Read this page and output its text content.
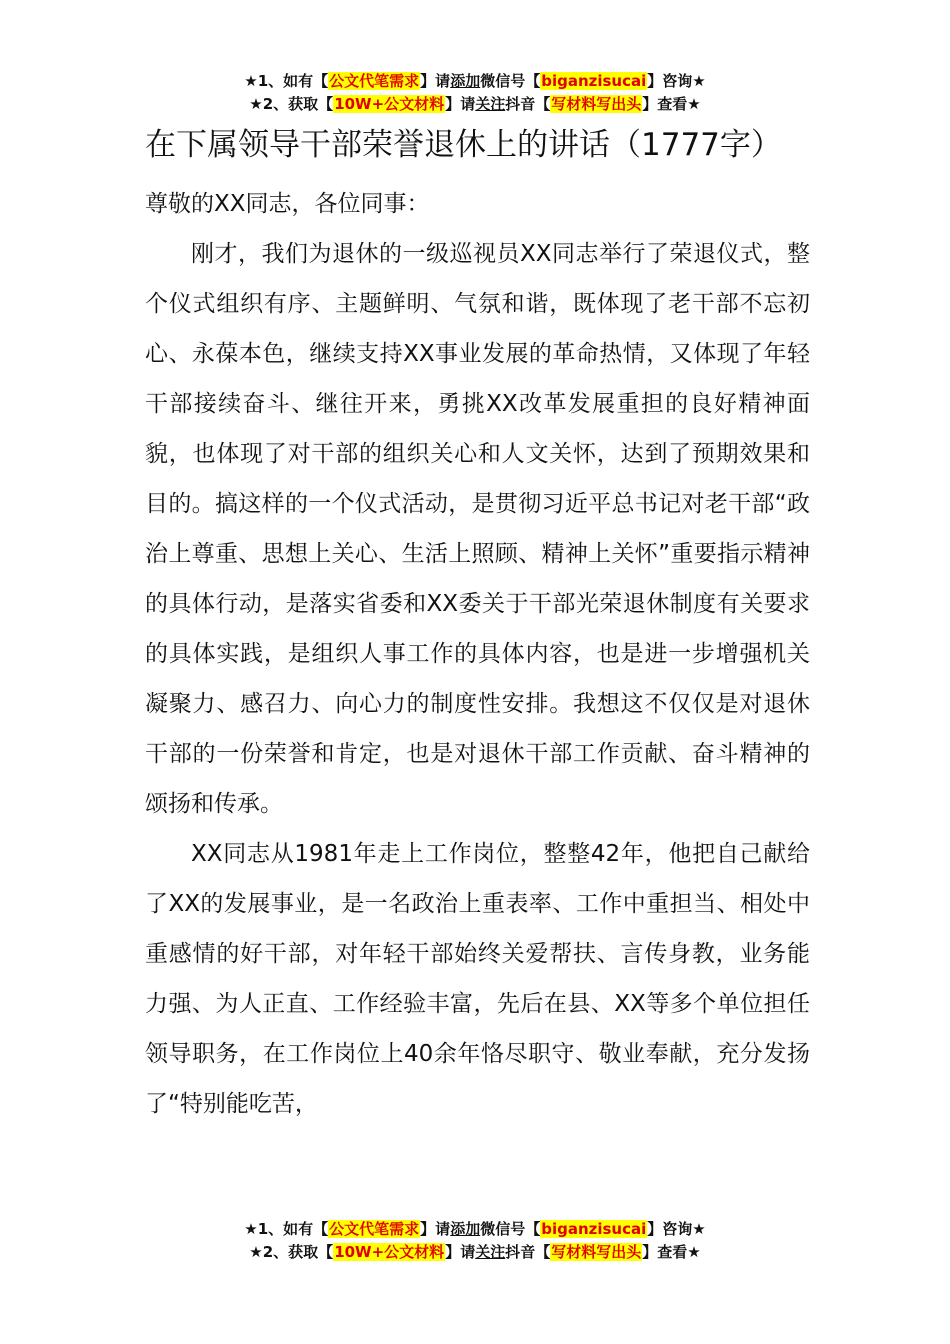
★1、如有【公文代笔需求】请添加微信号【biganzisucai】咨询★
★2、获取【10W+公文材料】请关注抖音【写材料写出头】查看★
在下属领导干部荣誉退休上的讲话（1777字）

尊敬的XX同志，各位同事：

刚才，我们为退休的一级巡视员XX同志举行了荣退仪式，整个仪式组织有序、主题鲜明、气氛和谐，既体现了老干部不忘初心、永葆本色，继续支持XX事业发展的革命热情，又体现了年轻干部接续奋斗、继往开来，勇挑XX改革发展重担的良好精神面貌，也体现了对干部的组织关心和人文关怀，达到了预期效果和目的。搞这样的一个仪式活动，是贯彻习近平总书记对老干部“政治上尊重、思想上关心、生活上照顾、精神上关怀”重要指示精神的具体行动，是落实省委和XX委关于干部光荣退休制度有关要求的具体实践，是组织人事工作的具体内容，也是进一步增强机关凝聚力、感召力、向心力的制度性安排。我想这不仅仅是对退休干部的一份荣誉和肯定，也是对退休干部工作贡献、奋斗精神的颂扬和传承。

XX同志从1981年走上工作岗位，整整42年，他把自己献给了XX的发展事业，是一名政治上重表率、工作中重担当、相处中重感情的好干部，对年轻干部始终关爱帮扶、言传身教，业务能力强、为人正直、工作经验丰富，先后在县、XX等多个单位担任领导职务，在工作岗位上40余年恪尽职守、敬业奉献，充分发扬了“特别能吃苦，

★1、如有【公文代笔需求】请添加微信号【biganzisucai】咨询★
★2、获取【10W+公文材料】请关注抖音【写材料写出头】查看★
